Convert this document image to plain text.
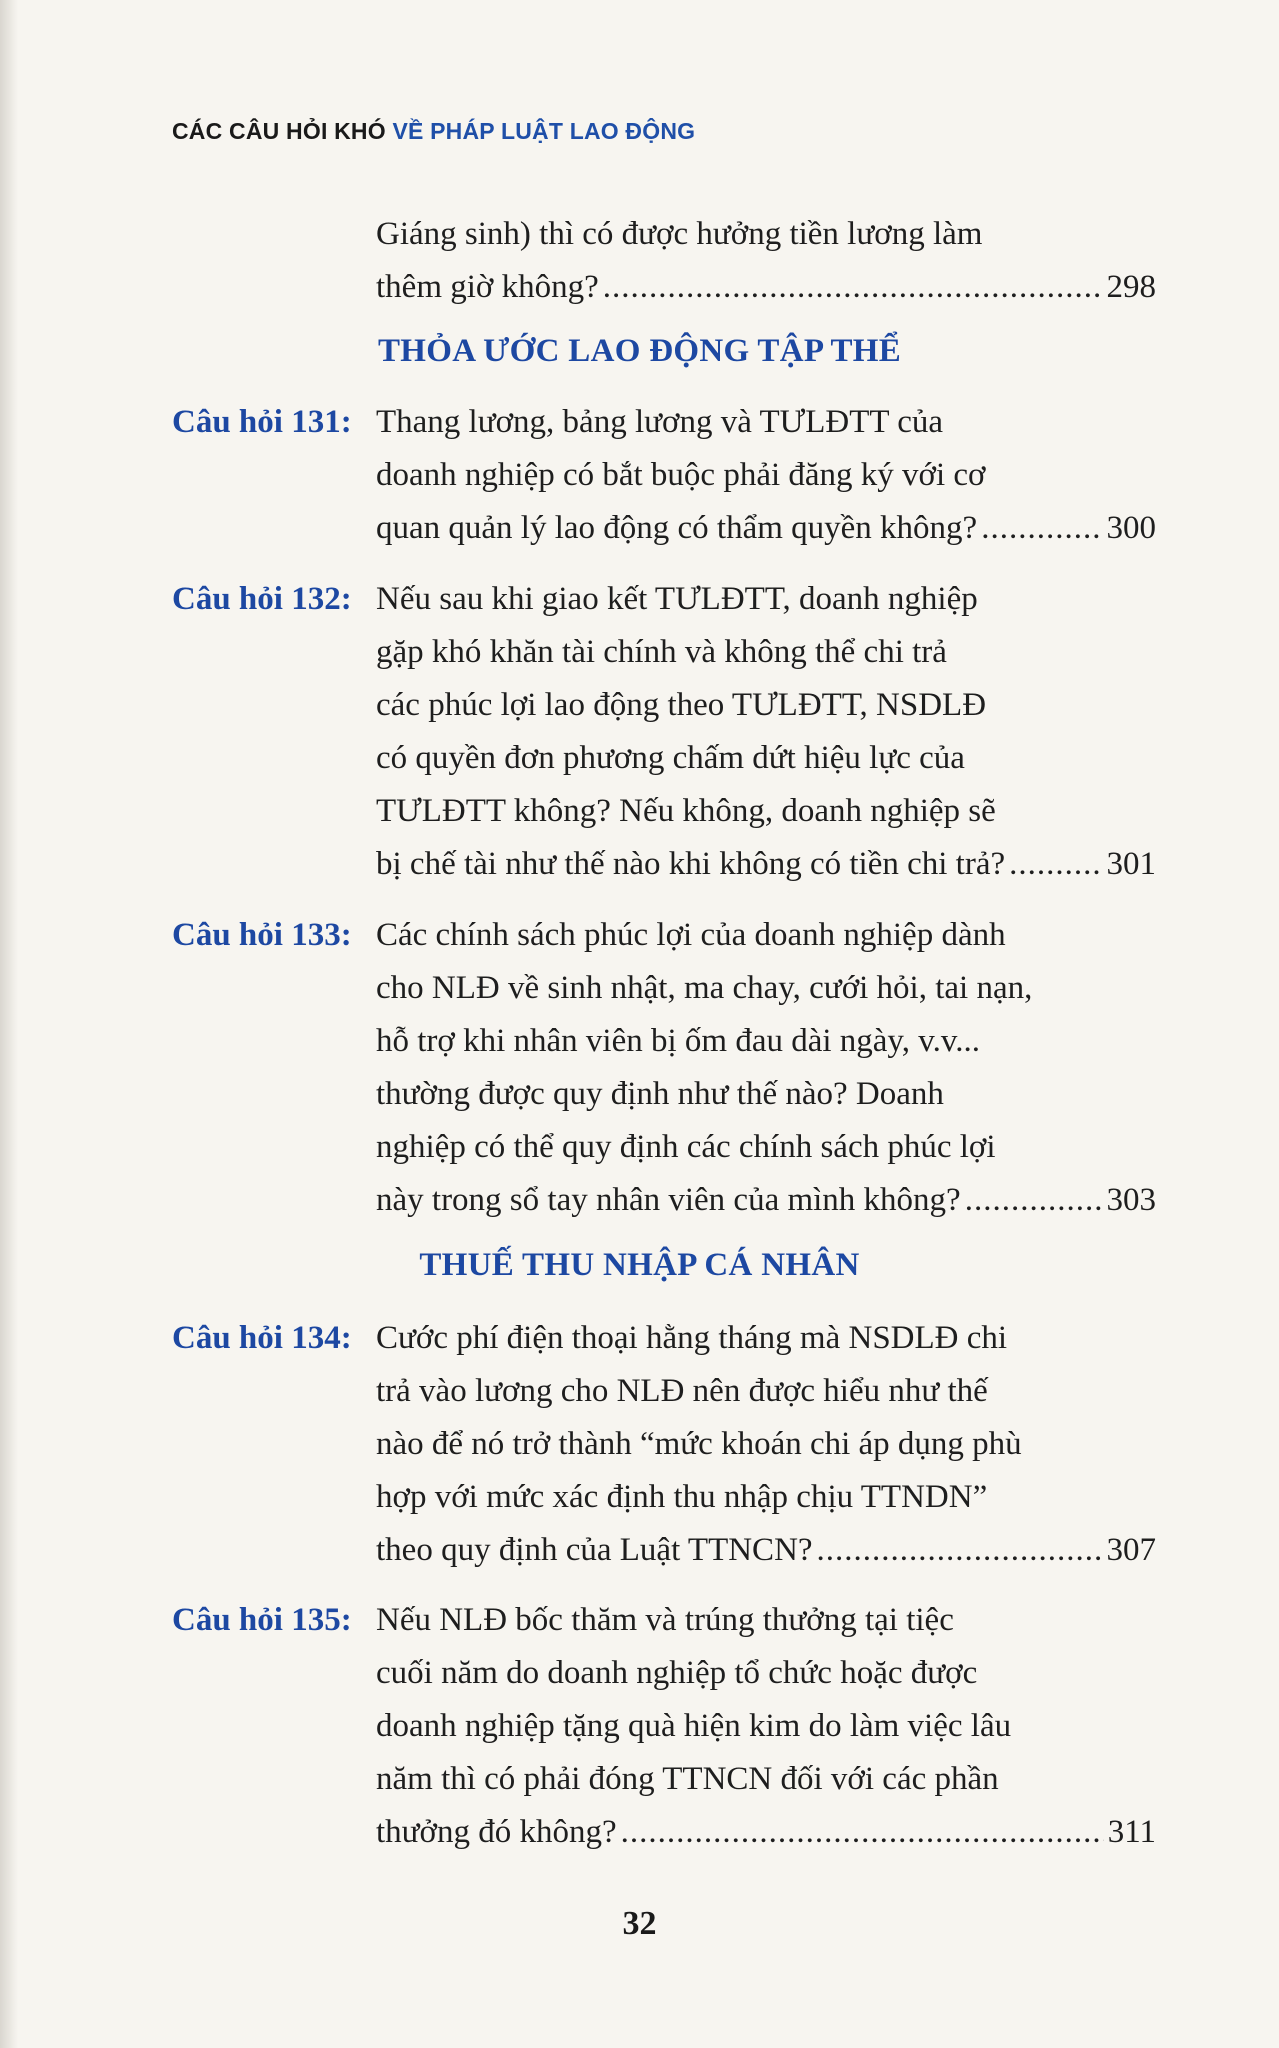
CÁC CÂU HỎI KHÓ VỀ PHÁP LUẬT LAO ĐỘNG
Giáng sinh) thì có được hưởng tiền lương làm
thêm giờ không? .....	298
THỎA ƯỚC LAO ĐỘNG TẬP THỂ
Câu hỏi 131: Thang lương, bảng lương và TƯLĐTT của
doanh nghiệp có bắt buộc phải đăng ký với cơ
quan quản lý lao động có thẩm quyền không? .....	300
Câu hỏi 132: Nếu sau khi giao kết TƯLĐTT, doanh nghiệp
gặp khó khăn tài chính và không thể chi trả
các phúc lợi lao động theo TƯLĐTT, NSDLĐ
có quyền đơn phương chấm dứt hiệu lực của
TƯLĐTT không? Nếu không, doanh nghiệp sẽ
bị chế tài như thế nào khi không có tiền chi trả? .....	301
Câu hỏi 133: Các chính sách phúc lợi của doanh nghiệp dành
cho NLĐ về sinh nhật, ma chay, cưới hỏi, tai nạn,
hỗ trợ khi nhân viên bị ốm đau dài ngày, v.v...
thường được quy định như thế nào? Doanh
nghiệp có thể quy định các chính sách phúc lợi
này trong sổ tay nhân viên của mình không? .....	303
THUẾ THU NHẬP CÁ NHÂN
Câu hỏi 134: Cước phí điện thoại hằng tháng mà NSDLĐ chi
trả vào lương cho NLĐ nên được hiểu như thế
nào để nó trở thành “mức khoán chi áp dụng phù
hợp với mức xác định thu nhập chịu TTNDN”
theo quy định của Luật TTNCN? .....	307
Câu hỏi 135: Nếu NLĐ bốc thăm và trúng thưởng tại tiệc
cuối năm do doanh nghiệp tổ chức hoặc được
doanh nghiệp tặng quà hiện kim do làm việc lâu
năm thì có phải đóng TTNCN đối với các phần
thưởng đó không? .....	311
32
